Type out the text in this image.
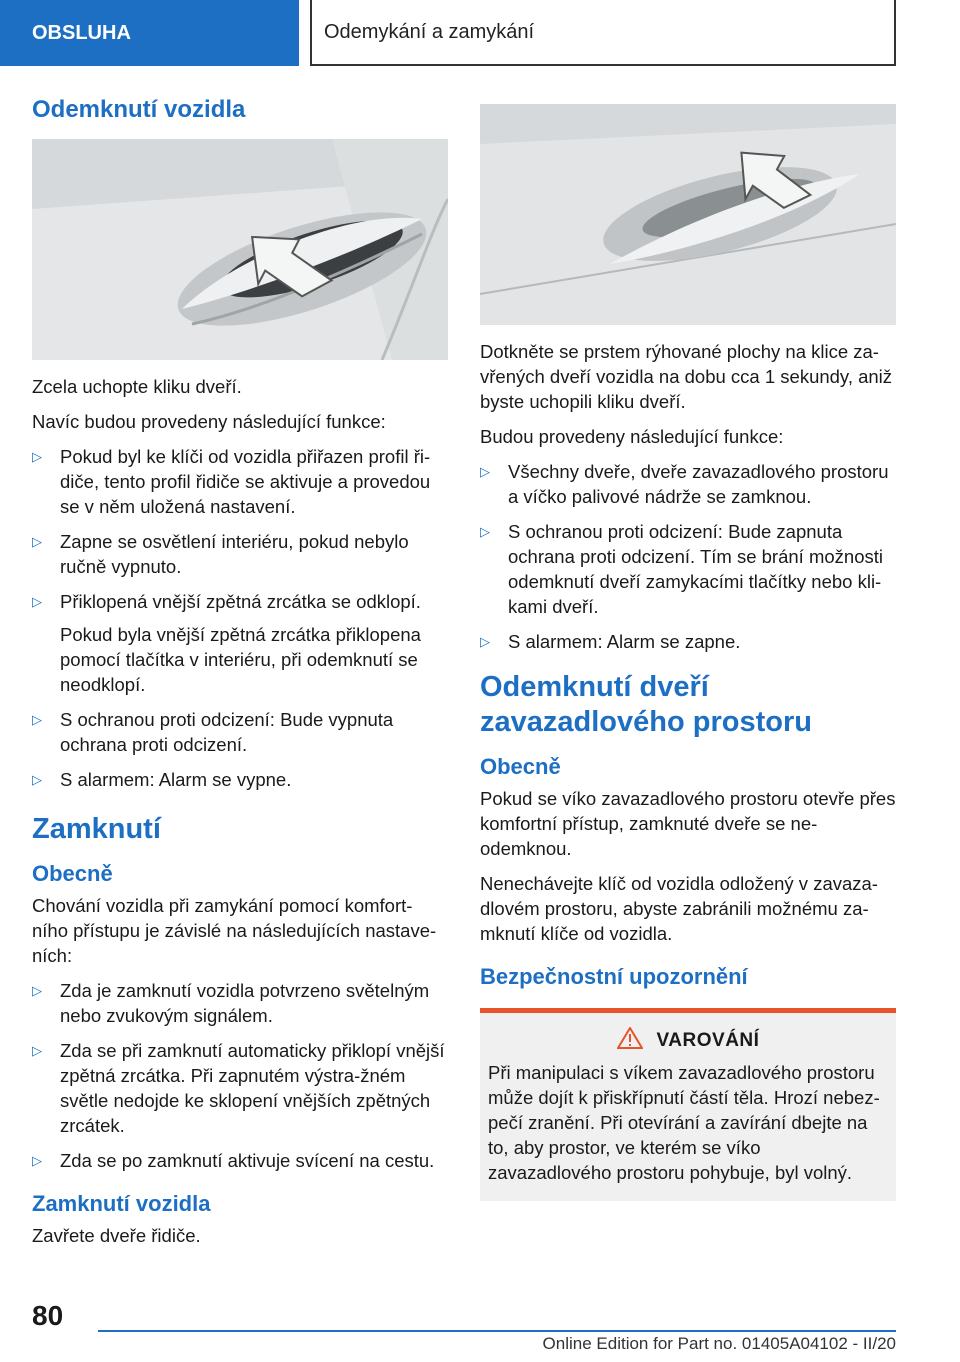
OBSLUHA	Odemykání a zamykání
Odemknutí vozidla

Zcela uchopte kliku dveří.

Navíc budou provedeny následující funkce:

▷ Pokud byl ke klíči od vozidla přiřazen profil ři-diče, tento profil řidiče se aktivuje a provedou se v něm uložená nastavení.
▷ Zapne se osvětlení interiéru, pokud nebylo ručně vypnuto.
▷ Přiklopená vnější zpětná zrcátka se odklopí.

Pokud byla vnější zpětná zrcátka přiklopena pomocí tlačítka v interiéru, při odemknutí se neodklopí.

▷ S ochranou proti odcizení: Bude vypnuta ochrana proti odcizení.
▷ S alarmem: Alarm se vypne.
Zamknutí
Obecně

Chování vozidla při zamykání pomocí komfort-ního přístupu je závislé na následujících nastave-ních:

▷ Zda je zamknutí vozidla potvrzeno světelným nebo zvukovým signálem.
▷ Zda se při zamknutí automaticky přiklopí vnější zpětná zrcátka. Při zapnutém výstra-žném světle nedojde ke sklopení vnějších zpětných zrcátek.
▷ Zda se po zamknutí aktivuje svícení na cestu.
Zamknutí vozidla

Zavřete dveře řidiče.

Dotkněte se prstem rýhované plochy na klice za-vřených dveří vozidla na dobu cca 1 sekundy, aniž byste uchopili kliku dveří.

Budou provedeny následující funkce:

▷ Všechny dveře, dveře zavazadlového prostoru a víčko palivové nádrže se zamknou.
▷ S ochranou proti odcizení: Bude zapnuta ochrana proti odcizení. Tím se brání možnosti odemknutí dveří zamykacími tlačítky nebo kli-kami dveří.
▷ S alarmem: Alarm se zapne.
Odemknutí dveří zavazadlového prostoru
Obecně

Pokud se víko zavazadlového prostoru otevře přes komfortní přístup, zamknuté dveře se ne-odemknou.

Nenechávejte klíč od vozidla odložený v zavaza-dlovém prostoru, abyste zabránili možnému za-mknutí klíče od vozidla.

Bezpečnostní upozornění
VAROVÁNÍ

Při manipulaci s víkem zavazadlového prostoru může dojít k přiskřípnutí částí těla. Hrozí nebez-pečí zranění. Při otevírání a zavírání dbejte na to, aby prostor, ve kterém se víko zavazadlového prostoru pohybuje, byl volný.

80
Online Edition for Part no. 01405A04102 - II/20
